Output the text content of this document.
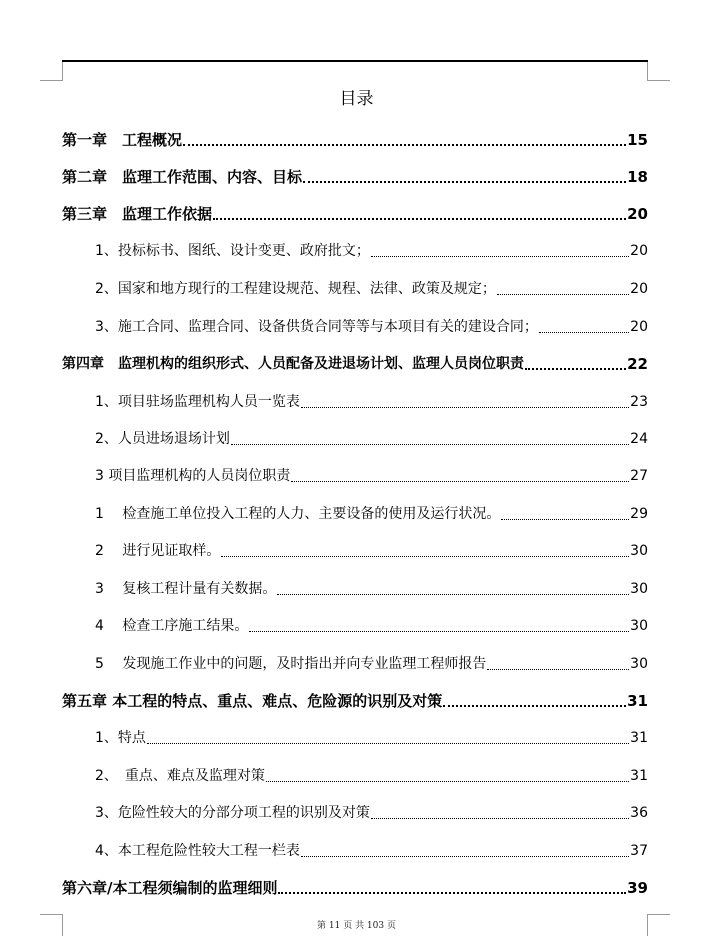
目录
第一章　工程概况	15
第二章　监理工作范围、内容、目标	18
第三章　监理工作依据	20
1、投标标书、图纸、设计变更、政府批文；	20
2、国家和地方现行的工程建设规范、规程、法律、政策及规定；	20
3、施工合同、监理合同、设备供货合同等等与本项目有关的建设合同；	20
第四章　监理机构的组织形式、人员配备及进退场计划、监理人员岗位职责	22
1、项目驻场监理机构人员一览表	23
2、人员进场退场计划	24
3 项目监理机构的人员岗位职责	27
1　 检查施工单位投入工程的人力、主要设备的使用及运行状况。	29
2　 进行见证取样。	30
3　 复核工程计量有关数据。	30
4　 检查工序施工结果。	30
5　 发现施工作业中的问题，及时指出并向专业监理工程师报告	30
第五章 本工程的特点、重点、难点、危险源的识别及对策	31
1、特点	31
2、　重点、难点及监理对策	31
3、危险性较大的分部分项工程的识别及对策	36
4、本工程危险性较大工程一栏表	37
第六章/本工程须编制的监理细则	39
第 11 页 共 103 页
